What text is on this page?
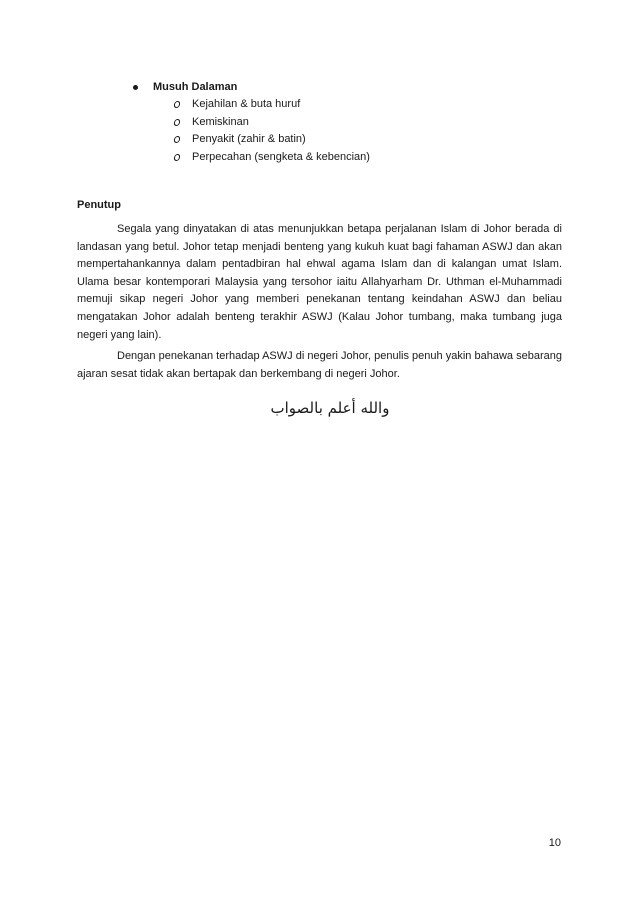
Musuh Dalaman
Kejahilan & buta huruf
Kemiskinan
Penyakit (zahir & batin)
Perpecahan (sengketa & kebencian)
Penutup

Segala yang dinyatakan di atas menunjukkan betapa perjalanan Islam di Johor berada di landasan yang betul. Johor tetap menjadi benteng yang kukuh kuat bagi fahaman ASWJ dan akan mempertahankannya dalam pentadbiran hal ehwal agama Islam dan di kalangan umat Islam. Ulama besar kontemporari Malaysia yang tersohor iaitu Allahyarham Dr. Uthman el-Muhammadi memuji sikap negeri Johor yang memberi penekanan tentang keindahan ASWJ dan beliau mengatakan Johor adalah benteng terakhir ASWJ (Kalau Johor tumbang, maka tumbang juga negeri yang lain).

Dengan penekanan terhadap ASWJ di negeri Johor, penulis penuh yakin bahawa sebarang ajaran sesat tidak akan bertapak dan berkembang di negeri Johor.

والله أعلم بالصواب
10
